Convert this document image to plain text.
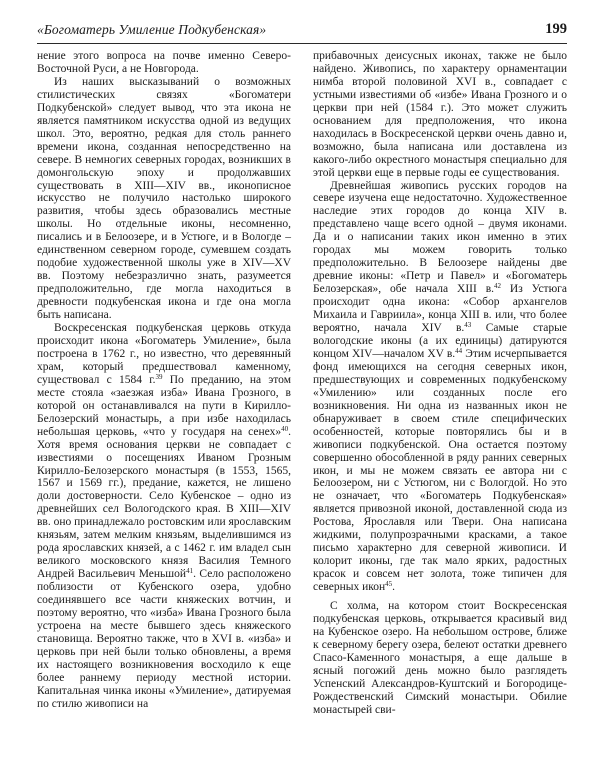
«Богоматерь Умиление Подкубенская»	199

нение этого вопроса на почве именно Северо-Восточной Руси, а не Новгорода.

Из наших высказываний о возможных стилистических связях «Богоматери Подкубенской» следует вывод, что эта икона не является памятником искусства одной из ведущих школ. Это, вероятно, редкая для столь раннего времени икона, созданная непосредственно на севере. В немногих северных городах, возникших в домонгольскую эпоху и продолжавших существовать в XIII—XIV вв., иконописное искусство не получило настолько широкого развития, чтобы здесь образовались местные школы. Но отдельные иконы, несомненно, писались и в Белоозере, и в Устюге, и в Вологде – единственном северном городе, сумевшем создать подобие художественной школы уже в XIV—XV вв. Поэтому небезразлично знать, разумеется предположительно, где могла находиться в древности подкубенская икона и где она могла быть написана.

Воскресенская подкубенская церковь откуда происходит икона «Богоматерь Умиление», была построена в 1762 г., но известно, что деревянный храм, который предшествовал каменному, существовал с 1584 г.$^{39}$ По преданию, на этом месте стояла «заезжая изба» Ивана Грозного, в которой он останавливался на пути в Кирилло-Белозерский монастырь, а при избе находилась небольшая церковь, «что у государя на сенех»$^{40}$. Хотя время основания церкви не совпадает с известиями о посещениях Иваном Грозным Кирилло-Белозерского монастыря (в 1553, 1565, 1567 и 1569 гг.), предание, кажется, не лишено доли достоверности. Село Кубенское – одно из древнейших сел Вологодского края. В XIII—XIV вв. оно принадлежало ростовским или ярославским князьям, затем мелким князьям, выделившимся из рода ярославских князей, а с 1462 г. им владел сын великого московского князя Василия Темного Андрей Васильевич Меньшой$^{41}$. Село расположено поблизости от Кубенского озера, удобно соединявшего все части княжеских вотчин, и поэтому вероятно, что «изба» Ивана Грозного была устроена на месте бывшего здесь княжеского становища. Вероятно также, что в XVI в. «изба» и церковь при ней были только обновлены, а время их настоящего возникновения восходило к еще более раннему периоду местной истории. Капитальная чинка иконы «Умиление», датируемая по стилю живописи на

прибавочных деисусных иконах, также не было найдено. Живопись, по характеру орнаментации нимба второй половиной XVI в., совпадает с устными известиями об «избе» Ивана Грозного и о церкви при ней (1584 г.). Это может служить основанием для предположения, что икона находилась в Воскресенской церкви очень давно и, возможно, была написана или доставлена из какого-либо окрестного монастыря специально для этой церкви еще в первые годы ее существования.

Древнейшая живопись русских городов на севере изучена еще недостаточно. Художественное наследие этих городов до конца XIV в. представлено чаще всего одной – двумя иконами. Да и о написании таких икон именно в этих городах мы можем говорить только предположительно. В Белоозере найдены две древние иконы: «Петр и Павел» и «Богоматерь Белозерская», обе начала XIII в.$^{42}$ Из Устюга происходит одна икона: «Собор архангелов Михаила и Гавриила», конца XIII в. или, что более вероятно, начала XIV в.$^{43}$ Самые старые вологодские иконы (а их единицы) датируются концом XIV—началом XV в.$^{44}$ Этим исчерпывается фонд имеющихся на сегодня северных икон, предшествующих и современных подкубенскому «Умилению» или созданных после его возникновения. Ни одна из названных икон не обнаруживает в своем стиле специфических особенностей, которые повторялись бы и в живописи подкубенской. Она остается поэтому совершенно обособленной в ряду ранних северных икон, и мы не можем связать ее автора ни с Белоозером, ни с Устюгом, ни с Вологдой. Но это не означает, что «Богоматерь Подкубенская» является привозной иконой, доставленной сюда из Ростова, Ярославля или Твери. Она написана жидкими, полупрозрачными красками, а такое письмо характерно для северной живописи. И колорит иконы, где так мало ярких, радостных красок и совсем нет золота, тоже типичен для северных икон$^{45}$.

С холма, на котором стоит Воскресенская подкубенская церковь, открывается красивый вид на Кубенское озеро. На небольшом острове, ближе к северному берегу озера, белеют остатки древнего Спасо-Каменного монастыря, а еще дальше в ясный погожий день можно было разглядеть Успенский Александров-Куштский и Богородице-Рождественский Симский монастыри. Обилие монастырей сви-
